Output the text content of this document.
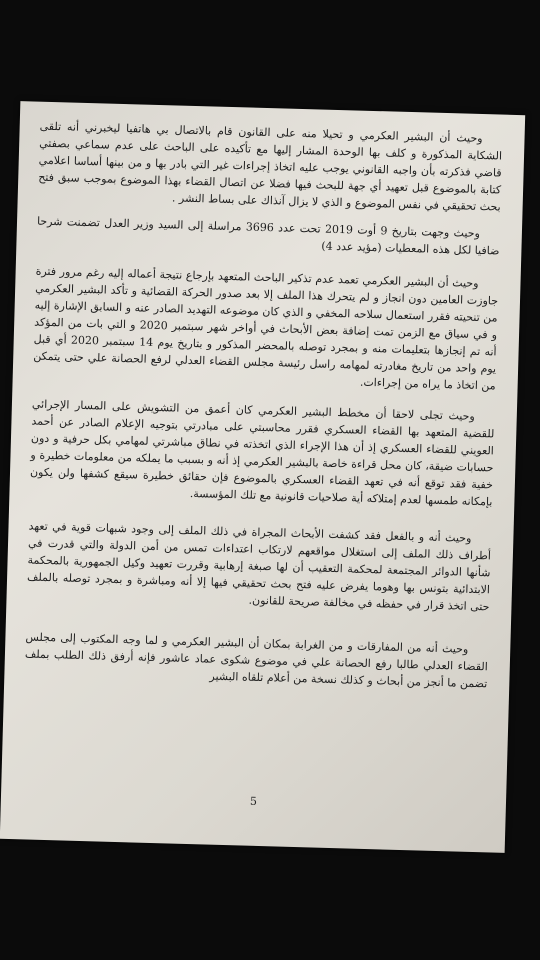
وحيث أن البشير العكرمي و تحيلا منه على القانون قام بالاتصال بي هاتفيا ليخبرني أنه تلقى الشكاية المذكورة و كلف بها الوحدة المشار إليها مع تأكيده على الباحث على عدم سماعي بصفتي قاضي فذكرته بأن واجبه القانوني يوجب عليه اتخاذ إجراءات غير التي بادر بها و من بينها أساسا اعلامي كتابة بالموضوع قبل تعهيد أي جهة للبحث فيها فضلا عن اتصال القضاء بهذا الموضوع بموجب سبق فتح بحث تحقيقي في نفس الموضوع و الذي لا يزال آنذاك على بساط النشر .

وحيث وجهت بتاريخ 9 أوت 2019 تحت عدد 3696 مراسلة إلى السيد وزير العدل تضمنت شرحا ضافيا لكل هذه المعطيات (مؤيد عدد 4)

وحيث أن البشير العكرمي تعمد عدم تذكير الباحث المتعهد بإرجاع نتيجة أعماله إليه رغم مرور فترة جاوزت العامين دون انجاز و لم يتحرك هذا الملف إلا بعد صدور الحركة القضائية و تأكد البشير العكرمي من تنحيته فقرر استعمال سلاحه المخفي و الذي كان موضوعه التهديد الصادر عنه و السابق الإشارة إليه و في سياق مع الزمن تمت إضافة بعض الأبحاث في أواخر شهر سبتمبر 2020 و التي بات من المؤكد أنه تم إنجازها بتعليمات منه و بمجرد توصله بالمحضر المذكور و بتاريخ يوم 14 سبتمبر 2020 أي قبل يوم واحد من تاريخ مغادرته لمهامه راسل رئيسة مجلس القضاء العدلي لرفع الحصانة علي حتى يتمكن من اتخاذ ما يراه من إجراءات.

وحيث تجلى لاحقا أن مخطط البشير العكرمي كان أعمق من التشويش على المسار الإجرائي للقضية المتعهد بها القضاء العسكري فقرر محاسبتي على مبادرتي بتوجيه الإعلام الصادر عن أحمد العويني للقضاء العسكري إذ أن هذا الإجراء الذي اتخذته في نطاق مباشرتي لمهامي بكل حرفية و دون حسابات ضيقة، كان محل قراءة خاصة بالبشير العكرمي إذ أنه و بسبب ما يملكه من معلومات خطيرة و خفية فقد توقع أنه في تعهد القضاء العسكري بالموضوع فإن حقائق خطيرة سيقع كشفها ولن يكون بإمكانه طمسها لعدم إمتلاكه أية صلاحيات قانونية مع تلك المؤسسة.

وحيث أنه و بالفعل فقد كشفت الأبحاث المجراة في ذلك الملف إلى وجود شبهات قوية في تعهد أطراف ذلك الملف إلى استغلال مواقعهم لارتكاب اعتداءات تمس من أمن الدولة والتي قدرت في شأنها الدوائر المجتمعة لمحكمة التعقيب أن لها صبغة إرهابية وقررت تعهيد وكيل الجمهورية بالمحكمة الابتدائية بتونس بها وهوما يفرض عليه فتح بحث تحقيقي فيها إلا أنه ومباشرة و بمجرد توصله بالملف حتى اتخذ قرار في حفظه في مخالفة صريحة للقانون.

وحيث أنه من المفارقات و من الغرابة بمكان أن البشير العكرمي و لما وجه المكتوب إلى مجلس القضاء العدلي طالبا رفع الحصانة علي في موضوع شكوى عماد عاشور فإنه أرفق ذلك الطلب بملف تضمن ما أنجز من أبحاث و كذلك نسخة من أعلام تلقاه البشير

5
